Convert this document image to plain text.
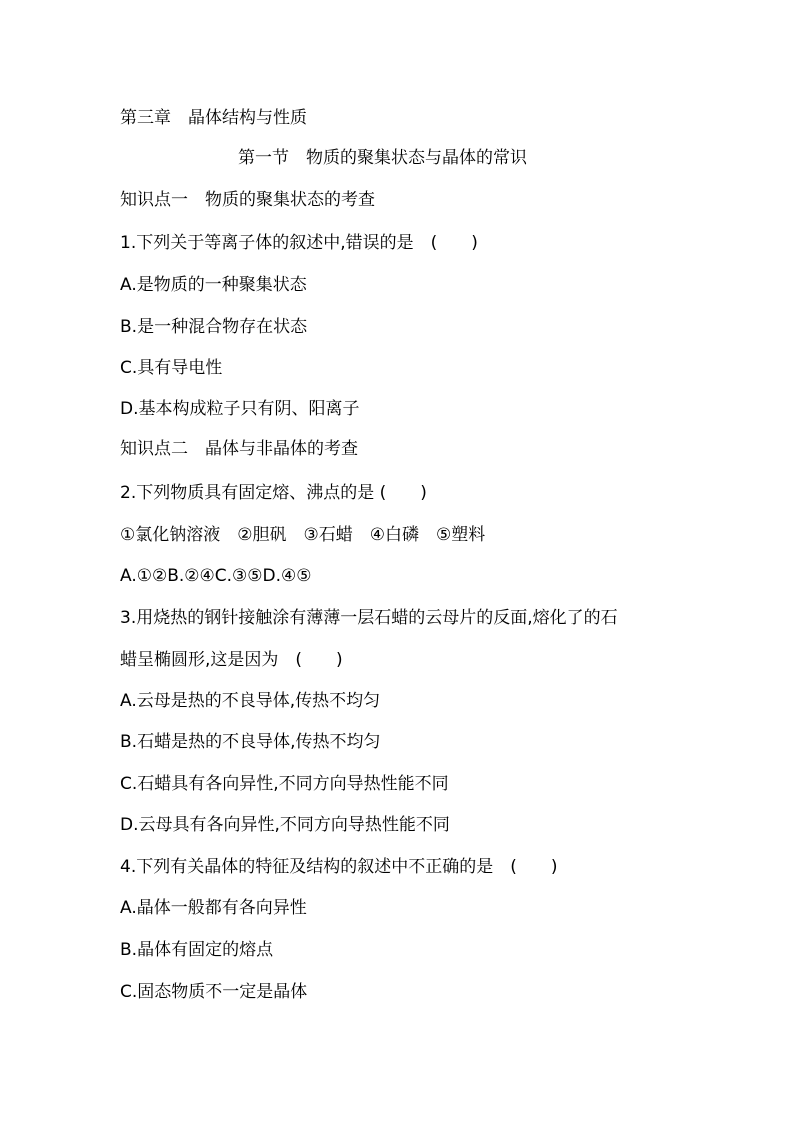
第三章　晶体结构与性质
第一节　物质的聚集状态与晶体的常识
知识点一　物质的聚集状态的考查
1.下列关于等离子体的叙述中,错误的是　(　　)
A.是物质的一种聚集状态
B.是一种混合物存在状态
C.具有导电性
D.基本构成粒子只有阴、阳离子
知识点二　晶体与非晶体的考查
2.下列物质具有固定熔、沸点的是 (　　)
①氯化钠溶液　②胆矾　③石蜡　④白磷　⑤塑料
A.①②B.②④C.③⑤D.④⑤
3.用烧热的钢针接触涂有薄薄一层石蜡的云母片的反面,熔化了的石
蜡呈椭圆形,这是因为　(　　)
A.云母是热的不良导体,传热不均匀
B.石蜡是热的不良导体,传热不均匀
C.石蜡具有各向异性,不同方向导热性能不同
D.云母具有各向异性,不同方向导热性能不同
4.下列有关晶体的特征及结构的叙述中不正确的是　(　　)
A.晶体一般都有各向异性
B.晶体有固定的熔点
C.固态物质不一定是晶体
